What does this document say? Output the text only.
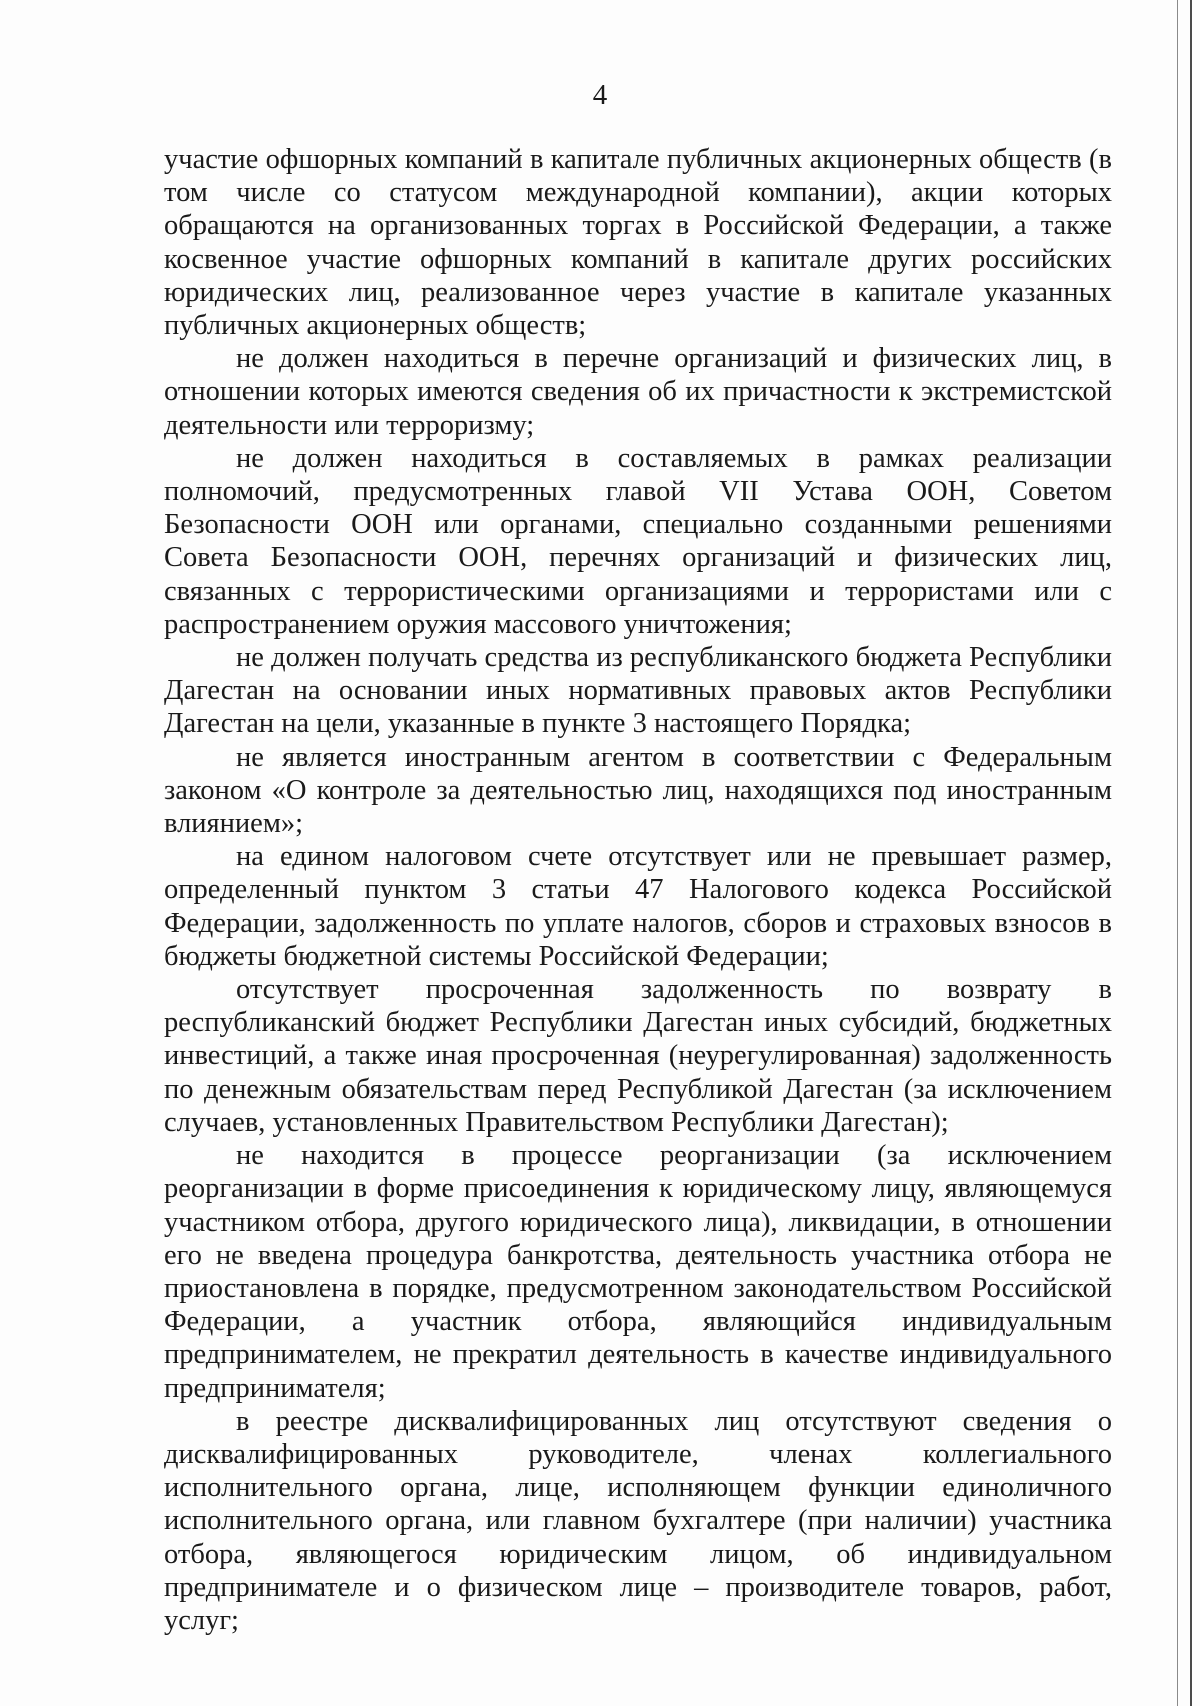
4

участие офшорных компаний в капитале публичных акционерных обществ (в том числе со статусом международной компании), акции которых обращаются на организованных торгах в Российской Федерации, а также косвенное участие офшорных компаний в капитале других российских юридических лиц, реализованное через участие в капитале указанных публичных акционерных обществ;

не должен находиться в перечне организаций и физических лиц, в отношении которых имеются сведения об их причастности к экстремистской деятельности или терроризму;

не должен находиться в составляемых в рамках реализации полномочий, предусмотренных главой VII Устава ООН, Советом Безопасности ООН или органами, специально созданными решениями Совета Безопасности ООН, перечнях организаций и физических лиц, связанных с террористическими организациями и террористами или с распространением оружия массового уничтожения;

не должен получать средства из республиканского бюджета Республики Дагестан на основании иных нормативных правовых актов Республики Дагестан на цели, указанные в пункте 3 настоящего Порядка;

не является иностранным агентом в соответствии с Федеральным законом «О контроле за деятельностью лиц, находящихся под иностранным влиянием»;

на едином налоговом счете отсутствует или не превышает размер, определенный пунктом 3 статьи 47 Налогового кодекса Российской Федерации, задолженность по уплате налогов, сборов и страховых взносов в бюджеты бюджетной системы Российской Федерации;

отсутствует просроченная задолженность по возврату в республиканский бюджет Республики Дагестан иных субсидий, бюджетных инвестиций, а также иная просроченная (неурегулированная) задолженность по денежным обязательствам перед Республикой Дагестан (за исключением случаев, установленных Правительством Республики Дагестан);

не находится в процессе реорганизации (за исключением реорганизации в форме присоединения к юридическому лицу, являющемуся участником отбора, другого юридического лица), ликвидации, в отношении его не введена процедура банкротства, деятельность участника отбора не приостановлена в порядке, предусмотренном законодательством Российской Федерации, а участник отбора, являющийся индивидуальным предпринимателем, не прекратил деятельность в качестве индивидуального предпринимателя;

в реестре дисквалифицированных лиц отсутствуют сведения о дисквалифицированных руководителе, членах коллегиального исполнительного органа, лице, исполняющем функции единоличного исполнительного органа, или главном бухгалтере (при наличии) участника отбора, являющегося юридическим лицом, об индивидуальном предпринимателе и о физическом лице – производителе товаров, работ, услуг;
